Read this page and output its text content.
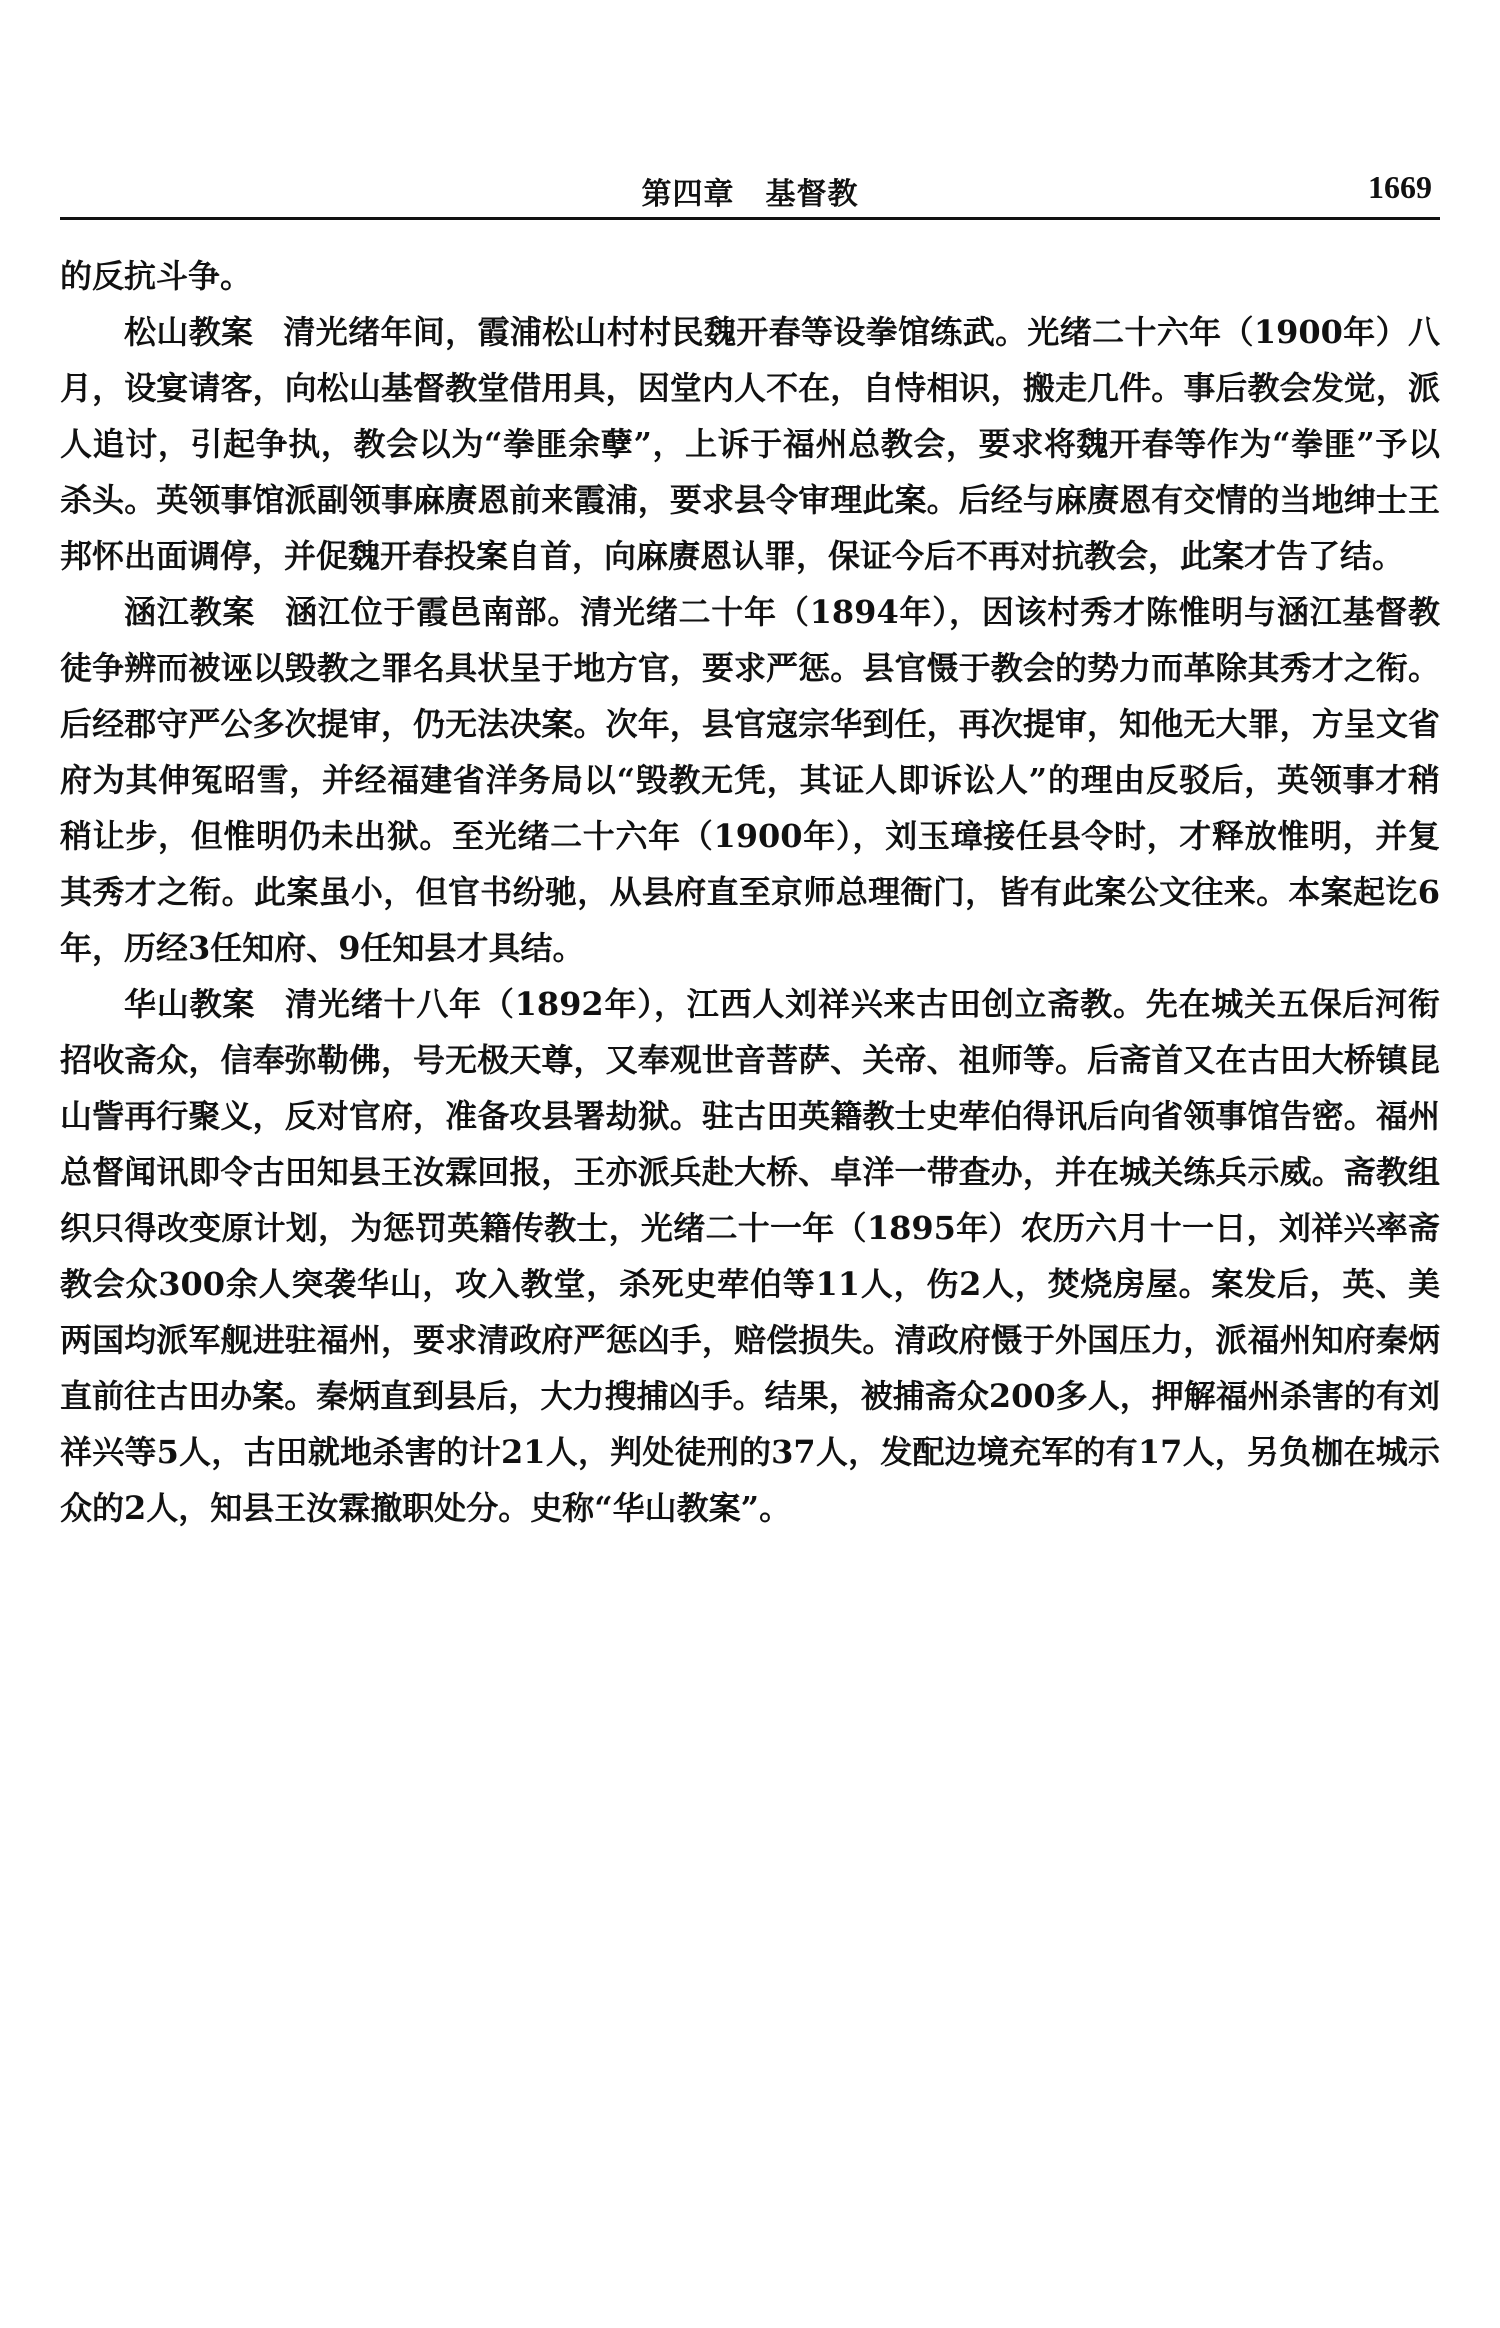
第四章　基督教	1669

的反抗斗争。

松山教案 清光绪年间，霞浦松山村村民魏开春等设拳馆练武。光绪二十六年（1900年）八月，设宴请客，向松山基督教堂借用具，因堂内人不在，自恃相识，搬走几件。事后教会发觉，派人追讨，引起争执，教会以为“拳匪余孽”，上诉于福州总教会，要求将魏开春等作为“拳匪”予以杀头。英领事馆派副领事麻赓恩前来霞浦，要求县令审理此案。后经与麻赓恩有交情的当地绅士王邦怀出面调停，并促魏开春投案自首，向麻赓恩认罪，保证今后不再对抗教会，此案才告了结。

涵江教案 涵江位于霞邑南部。清光绪二十年（1894年），因该村秀才陈惟明与涵江基督教徒争辨而被诬以毁教之罪名具状呈于地方官，要求严惩。县官慑于教会的势力而革除其秀才之衔。后经郡守严公多次提审，仍无法决案。次年，县官寇宗华到任，再次提审，知他无大罪，方呈文省府为其伸冤昭雪，并经福建省洋务局以“毁教无凭，其证人即诉讼人”的理由反驳后，英领事才稍稍让步，但惟明仍未出狱。至光绪二十六年（1900年），刘玉璋接任县令时，才释放惟明，并复其秀才之衔。此案虽小，但官书纷驰，从县府直至京师总理衙门，皆有此案公文往来。本案起讫6年，历经3任知府、9任知县才具结。

华山教案 清光绪十八年（1892年），江西人刘祥兴来古田创立斋教。先在城关五保后河衔招收斋众，信奉弥勒佛，号无极天尊，又奉观世音菩萨、关帝、祖师等。后斋首又在古田大桥镇昆山訾再行聚义，反对官府，准备攻县署劫狱。驻古田英籍教士史荦伯得讯后向省领事馆告密。福州总督闻讯即令古田知县王汝霖回报，王亦派兵赴大桥、卓洋一带查办，并在城关练兵示威。斋教组织只得改变原计划，为惩罚英籍传教士，光绪二十一年（1895年）农历六月十一日，刘祥兴率斋教会众300余人突袭华山，攻入教堂，杀死史荦伯等11人，伤2人，焚烧房屋。案发后，英、美两国均派军舰进驻福州，要求清政府严惩凶手，赔偿损失。清政府慑于外国压力，派福州知府秦炳直前往古田办案。秦炳直到县后，大力搜捕凶手。结果，被捕斋众200多人，押解福州杀害的有刘祥兴等5人，古田就地杀害的计21人，判处徒刑的37人，发配边境充军的有17人，另负枷在城示众的2人，知县王汝霖撤职处分。史称“华山教案”。
